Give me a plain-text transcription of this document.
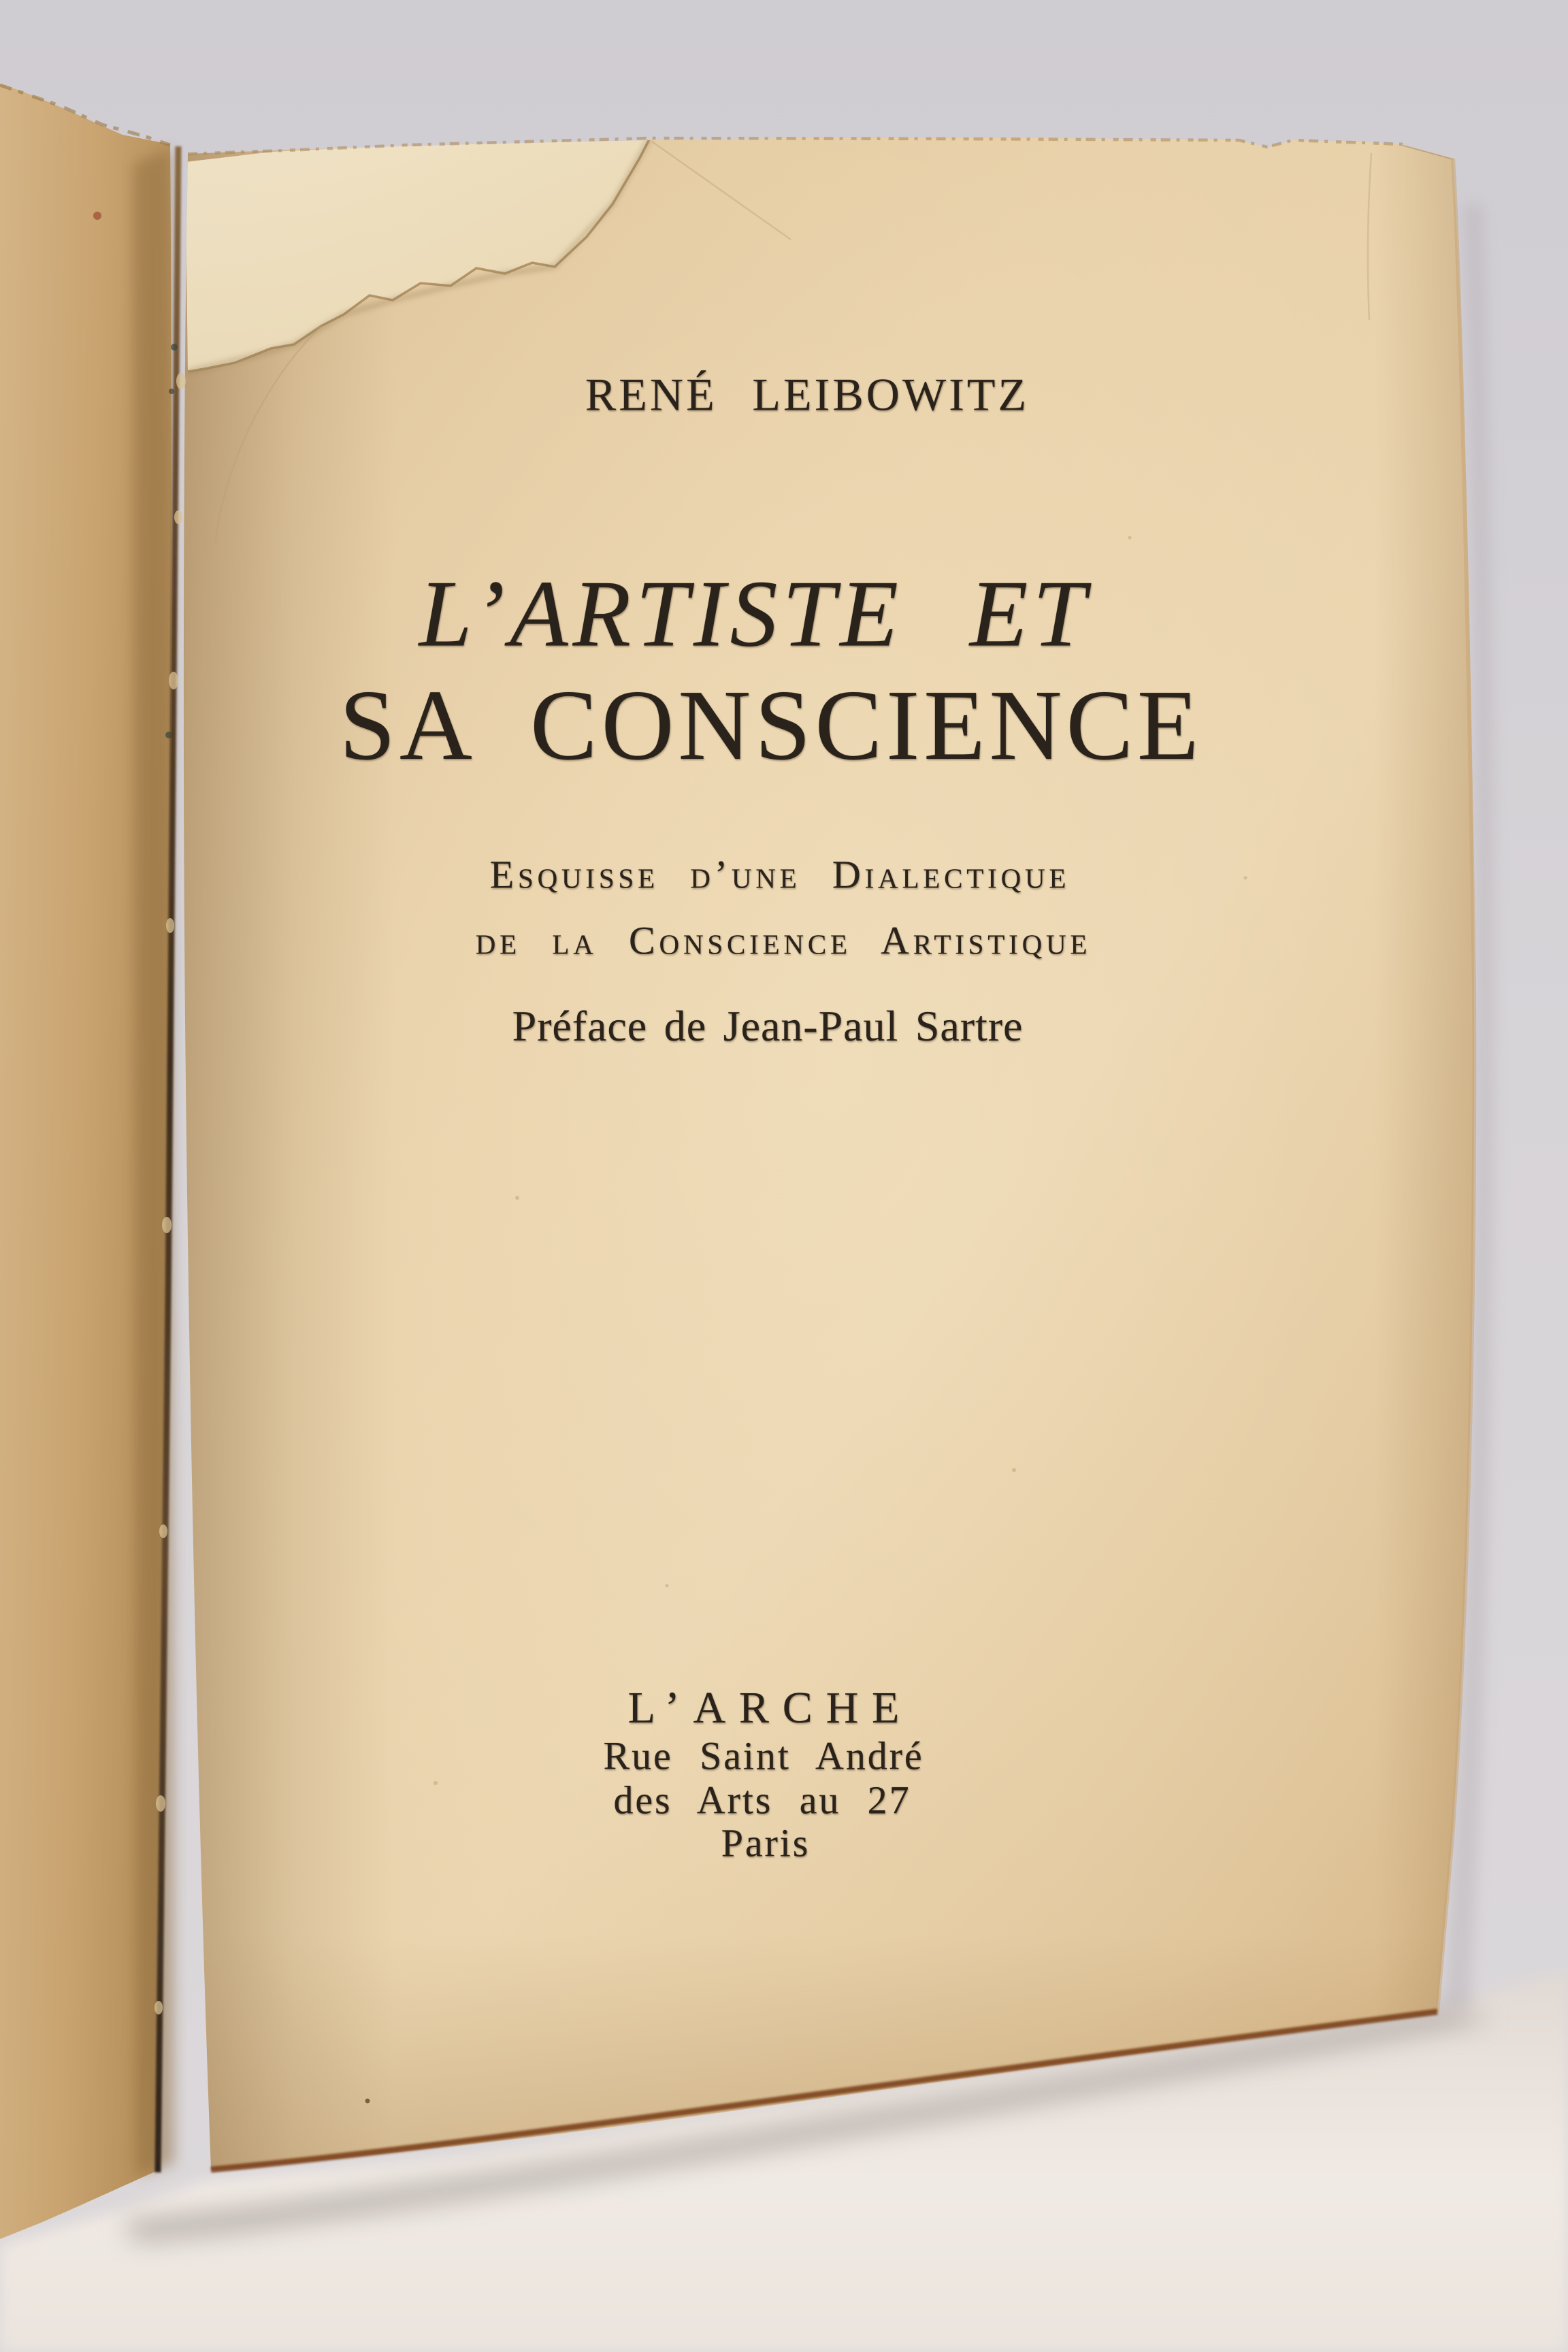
RENÉ LEIBOWITZ
L’ARTISTE ET
SA CONSCIENCE
Esquisse d’une Dialectique
de la Conscience Artistique
Préface de Jean-Paul Sartre
L’ARCHE
Rue Saint André
des Arts au 27
Paris
